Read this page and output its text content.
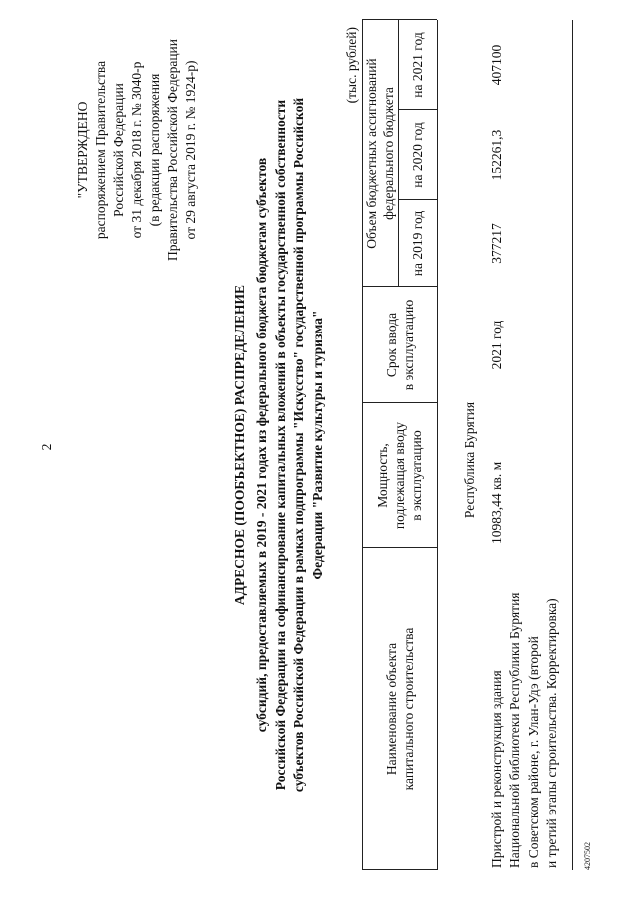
2
"УТВЕРЖДЕНО распоряжением Правительства Российской Федерации от 31 декабря 2018 г. № 3040-р (в редакции распоряжения Правительства Российской Федерации от 29 августа 2019 г. № 1924-р)
АДРЕСНОЕ (ПООБЪЕКТНОЕ) РАСПРЕДЕЛЕНИЕ субсидий, предоставляемых в 2019 - 2021 годах из федерального бюджета бюджетам субъектов Российской Федерации на софинансирование капитальных вложений в объекты государственной собственности субъектов Российской Федерации в рамках подпрограммы "Искусство" государственной программы Российской Федерации "Развитие культуры и туризма"
(тыс. рублей)
Наименование объекта капитального строительства
Мощность, подлежащая вводу в эксплуатацию
Срок ввода в эксплуатацию
Объем бюджетных ассигнований федерального бюджета
на 2019 год
на 2020 год
на 2021 год
Республика Бурятия
Пристрой и реконструкция здания Национальной библиотеки Республики Бурятия в Советском районе, г. Улан-Удэ (второй и третий этапы строительства. Корректировка)
10983,44 кв. м
2021 год
377217
152261,3
407100
4207502
